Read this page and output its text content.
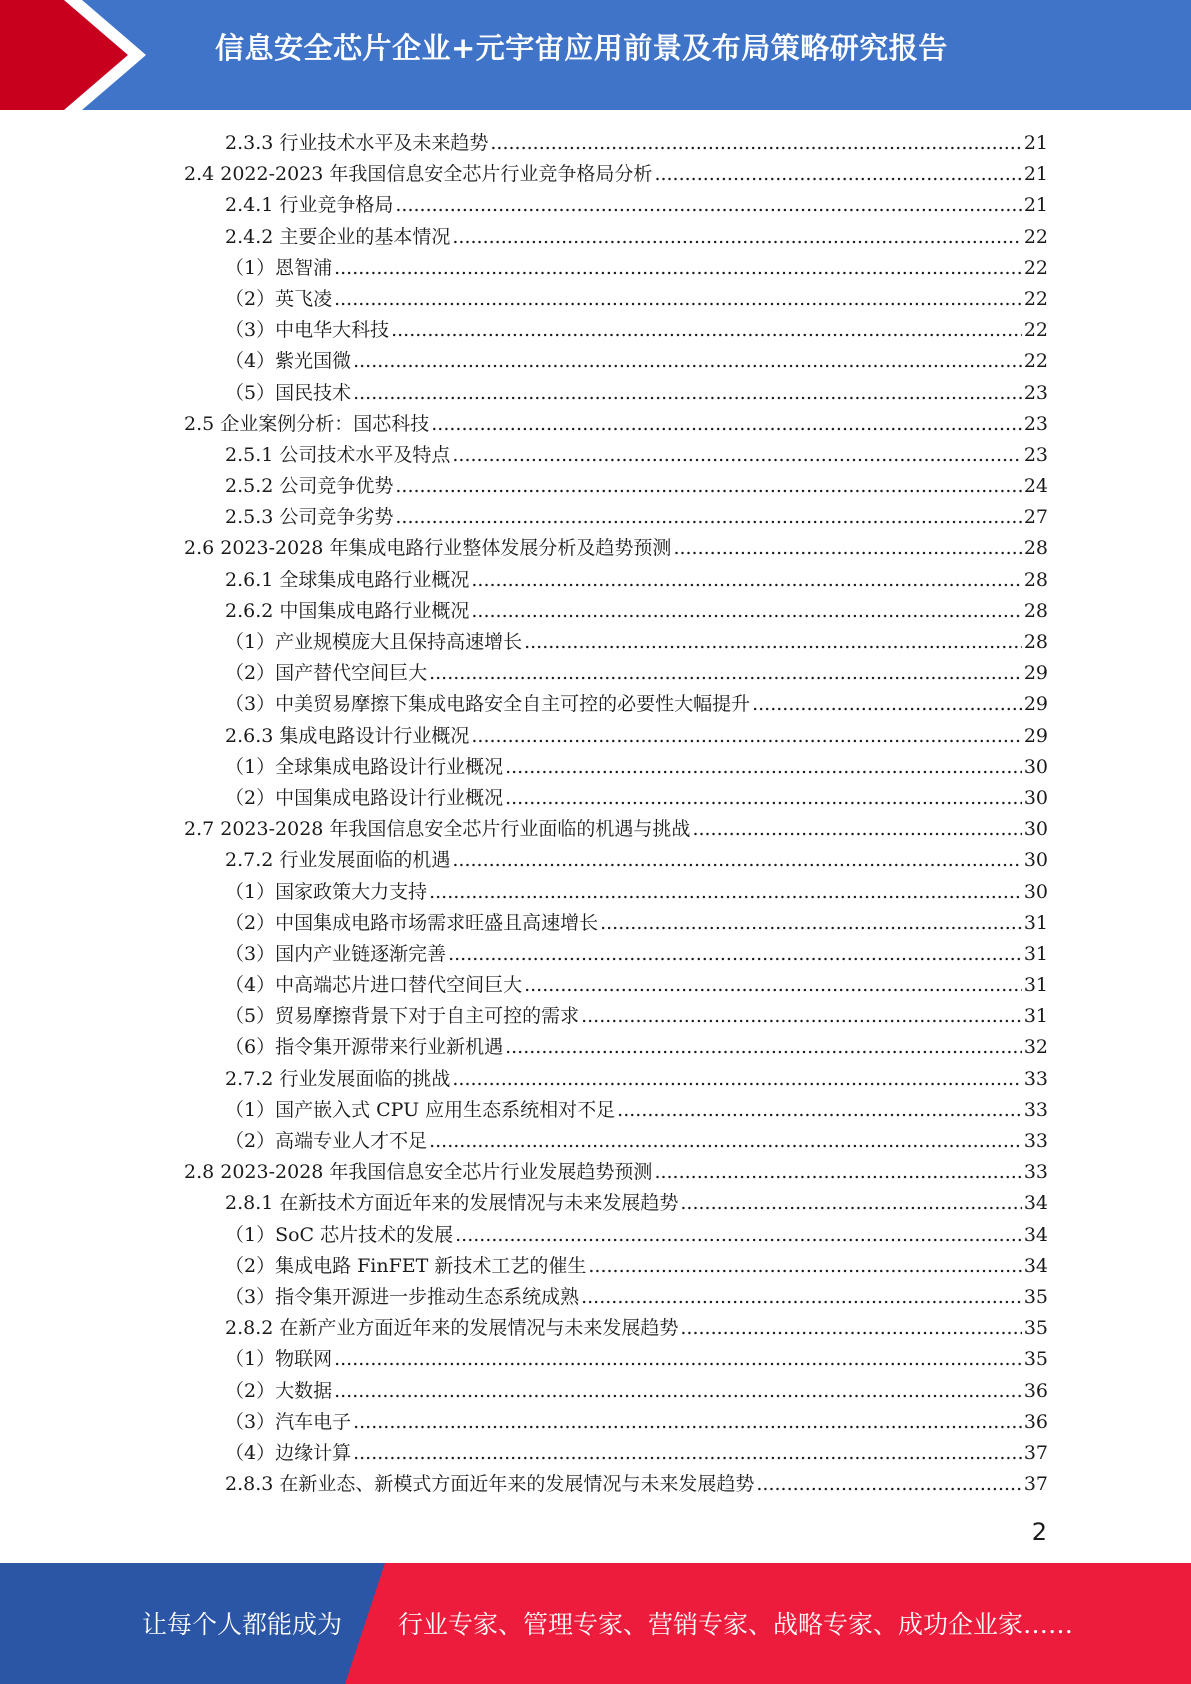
信息安全芯片企业+元宇宙应用前景及布局策略研究报告
2.3.3 行业技术水平及未来趋势 .....	21
2.4 2022-2023 年我国信息安全芯片行业竞争格局分析 .....	21
2.4.1 行业竞争格局 .....	21
2.4.2 主要企业的基本情况 .....	22
（1）恩智浦 .....	22
（2）英飞凌 .....	22
（3）中电华大科技 .....	22
（4）紫光国微 .....	22
（5）国民技术 .....	23
2.5 企业案例分析：国芯科技 .....	23
2.5.1 公司技术水平及特点 .....	23
2.5.2 公司竞争优势 .....	24
2.5.3 公司竞争劣势 .....	27
2.6 2023-2028 年集成电路行业整体发展分析及趋势预测 .....	28
2.6.1 全球集成电路行业概况 .....	28
2.6.2 中国集成电路行业概况 .....	28
（1）产业规模庞大且保持高速增长 .....	28
（2）国产替代空间巨大 .....	29
（3）中美贸易摩擦下集成电路安全自主可控的必要性大幅提升 .....	29
2.6.3 集成电路设计行业概况 .....	29
（1）全球集成电路设计行业概况 .....	30
（2）中国集成电路设计行业概况 .....	30
2.7 2023-2028 年我国信息安全芯片行业面临的机遇与挑战 .....	30
2.7.2 行业发展面临的机遇 .....	30
（1）国家政策大力支持 .....	30
（2）中国集成电路市场需求旺盛且高速增长 .....	31
（3）国内产业链逐渐完善 .....	31
（4）中高端芯片进口替代空间巨大 .....	31
（5）贸易摩擦背景下对于自主可控的需求 .....	31
（6）指令集开源带来行业新机遇 .....	32
2.7.2 行业发展面临的挑战 .....	33
（1）国产嵌入式 CPU 应用生态系统相对不足 .....	33
（2）高端专业人才不足 .....	33
2.8 2023-2028 年我国信息安全芯片行业发展趋势预测 .....	33
2.8.1 在新技术方面近年来的发展情况与未来发展趋势 .....	34
（1）SoC 芯片技术的发展 .....	34
（2）集成电路 FinFET 新技术工艺的催生 .....	34
（3）指令集开源进一步推动生态系统成熟 .....	35
2.8.2 在新产业方面近年来的发展情况与未来发展趋势 .....	35
（1）物联网 .....	35
（2）大数据 .....	36
（3）汽车电子 .....	36
（4）边缘计算 .....	37
2.8.3 在新业态、新模式方面近年来的发展情况与未来发展趋势 .....	37
2
让每个人都能成为 行业专家、管理专家、营销专家、战略专家、成功企业家……
